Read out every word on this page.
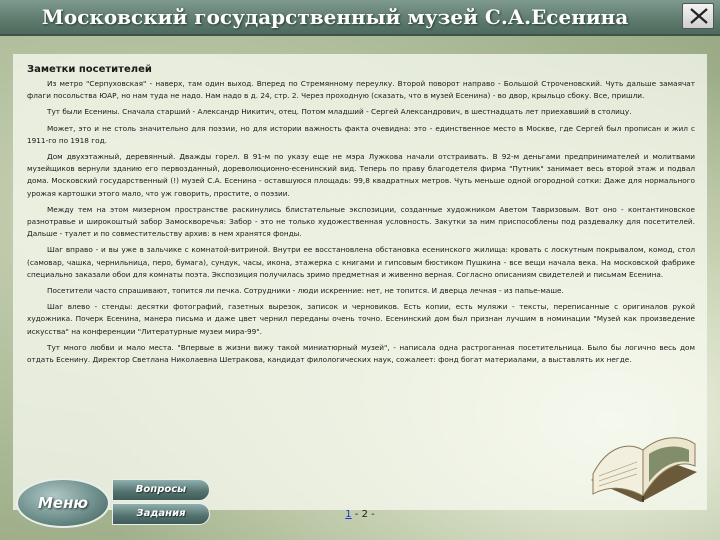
Московский государственный музей С.А.Есенина
Заметки посетителей

Из метро "Серпуховская" - наверх, там один выход. Вперед по Стремянному переулку. Второй поворот направо - Большой Строченовский. Чуть дальше замаячат флаги посольства ЮАР, но нам туда не надо. Нам надо в д. 24, стр. 2. Через проходную (сказать, что в музей Есенина) - во двор, крыльцо сбоку. Все, пришли.

Тут были Есенины. Сначала старший - Александр Никитич, отец. Потом младший - Сергей Александрович, в шестнадцать лет приехавший в столицу.

Может, это и не столь значительно для поэзии, но для истории важность факта очевидна: это - единственное место в Москве, где Сергей был прописан и жил с 1911-го по 1918 год.

Дом двухэтажный, деревянный. Дважды горел. В 91-м по указу еще не мэра Лужкова начали отстраивать. В 92-м деньгами предпринимателей и молитвами музейщиков вернули зданию его первозданный, дореволюционно-есенинский вид. Теперь по праву благодетеля фирма "Путник" занимает весь второй этаж и подвал дома. Московский государственный (!) музей С.А. Есенина - оставшуюся площадь: 99,8 квадратных метров. Чуть меньше одной огородной сотки: Даже для нормального урожая картошки этого мало, что уж говорить, простите, о поэзии.

Между тем на этом мизерном пространстве раскинулись блистательные экспозиции, созданные художником Аветом Тавризовым. Вот оно - контантиновское разнотравье и широкоштый забор Замоскворечья: Забор - это не только художественная условность. Закутки за ним приспособлены под раздевалку для посетителей. Дальше - туалет и по совместительству архив: в нем хранятся фонды.

Шаг вправо - и вы уже в зальчике с комнатой-витриной. Внутри ее восстановлена обстановка есенинского жилища: кровать с лоскутным покрывалом, комод, стол (самовар, чашка, чернильница, перо, бумага), сундук, часы, икона, этажерка с книгами и гипсовым бюстиком Пушкина - все вещи начала века. На московской фабрике специально заказали обои для комнаты поэта. Экспозиция получилась зримо предметная и живенно верная. Согласно описаниям свидетелей и письмам Есенина.

Посетители часто спрашивают, топится ли печка. Сотрудники - люди искренние: нет, не топится. И дверца лечная - из папье-маше.

Шаг влево - стенды: десятки фотографий, газетных вырезок, записок и черновиков. Есть копии, есть муляжи - тексты, переписанные с оригиналов рукой художника. Почерк Есенина, манера письма и даже цвет чернил переданы очень точно. Есенинский дом был признан лучшим в номинации "Музей как произведение искусства" на конференции "Литературные музеи мира-99".

Тут много любви и мало места. "Впервые в жизни вижу такой миниатюрный музей", - написала одна растроганная посетительница. Было бы логично весь дом отдать Есенину. Директор Светлана Николаевна Шетракова, кандидат филологических наук, сожалеет: фонд богат материалами, а выставлять их негде.

Меню
Вопросы
Задания	1 - 2 -
